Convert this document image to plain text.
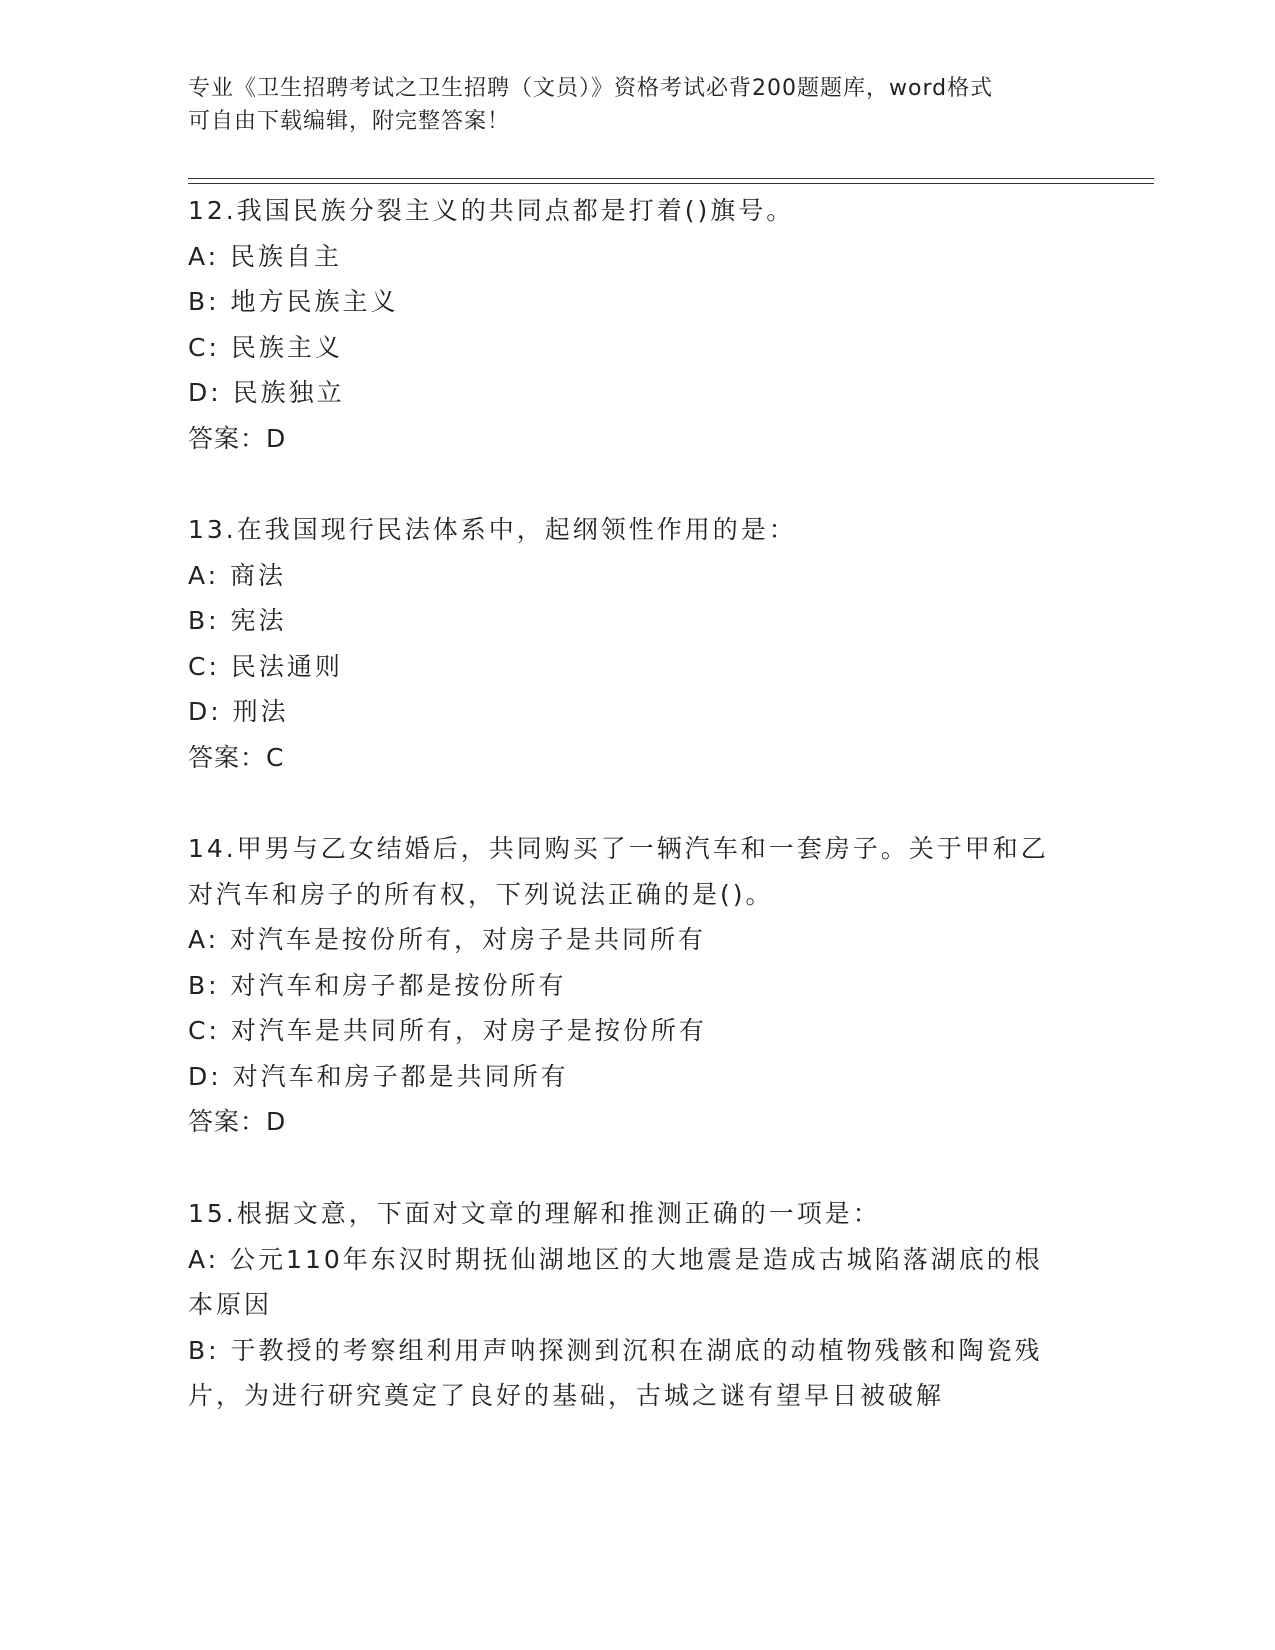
专业《卫生招聘考试之卫生招聘（文员）》资格考试必背200题题库，word格式
可自由下载编辑，附完整答案！
12.我国民族分裂主义的共同点都是打着()旗号。
A: 民族自主
B: 地方民族主义
C: 民族主义
D: 民族独立
答案：D
13.在我国现行民法体系中，起纲领性作用的是：
A: 商法
B: 宪法
C: 民法通则
D: 刑法
答案：C
14.甲男与乙女结婚后，共同购买了一辆汽车和一套房子。关于甲和乙
对汽车和房子的所有权，下列说法正确的是()。
A: 对汽车是按份所有，对房子是共同所有
B: 对汽车和房子都是按份所有
C: 对汽车是共同所有，对房子是按份所有
D: 对汽车和房子都是共同所有
答案：D
15.根据文意，下面对文章的理解和推测正确的一项是：
A: 公元110年东汉时期抚仙湖地区的大地震是造成古城陷落湖底的根
本原因
B: 于教授的考察组利用声呐探测到沉积在湖底的动植物残骸和陶瓷残
片，为进行研究奠定了良好的基础，古城之谜有望早日被破解
